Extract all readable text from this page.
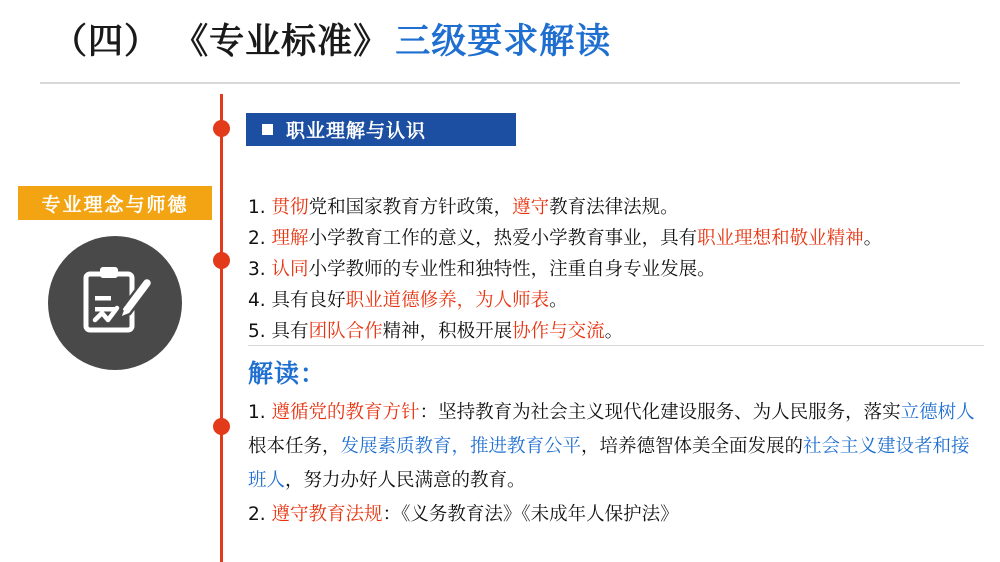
（四） 《专业标准》 三级要求解读
专业理念与师德
职业理解与认识
1. 贯彻党和国家教育方针政策，遵守教育法律法规。
2. 理解小学教育工作的意义，热爱小学教育事业，具有职业理想和敬业精神。
3. 认同小学教师的专业性和独特性，注重自身专业发展。
4. 具有良好职业道德修养，为人师表。
5. 具有团队合作精神，积极开展协作与交流。
解读：
1. 遵循党的教育方针：坚持教育为社会主义现代化建设服务、为人民服务，落实立德树人根本任务，发展素质教育，推进教育公平，培养德智体美全面发展的社会主义建设者和接班人，努力办好人民满意的教育。
2. 遵守教育法规：《义务教育法》《未成年人保护法》
